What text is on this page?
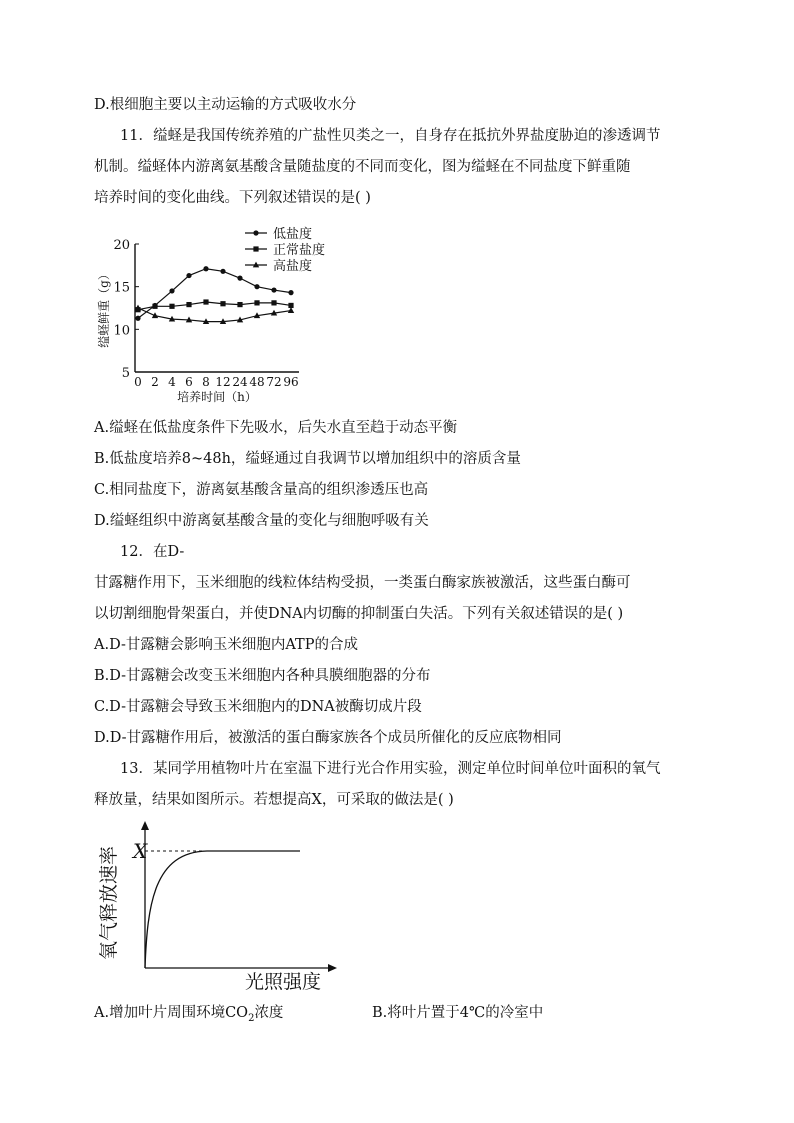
D.根细胞主要以主动运输的方式吸收水分
11．缢蛏是我国传统养殖的广盐性贝类之一，自身存在抵抗外界盐度胁迫的渗透调节
机制。缢蛏体内游离氨基酸含量随盐度的不同而变化，图为缢蛏在不同盐度下鲜重随
培养时间的变化曲线。下列叙述错误的是( )
5
10
15
20
0 2 4 6 8 12 24 48 72 96
低盐度
正常盐度
高盐度
缢蛏鲜重（g）
培养时间（h）
A.缢蛏在低盐度条件下先吸水，后失水直至趋于动态平衡
B.低盐度培养8~48h，缢蛏通过自我调节以增加组织中的溶质含量
C.相同盐度下，游离氨基酸含量高的组织渗透压也高
D.缢蛏组织中游离氨基酸含量的变化与细胞呼吸有关
12．在D-
甘露糖作用下，玉米细胞的线粒体结构受损，一类蛋白酶家族被激活，这些蛋白酶可
以切割细胞骨架蛋白，并使DNA内切酶的抑制蛋白失活。下列有关叙述错误的是( )
A.D-甘露糖会影响玉米细胞内ATP的合成
B.D-甘露糖会改变玉米细胞内各种具膜细胞器的分布
C.D-甘露糖会导致玉米细胞内的DNA被酶切成片段
D.D-甘露糖作用后，被激活的蛋白酶家族各个成员所催化的反应底物相同
13．某同学用植物叶片在室温下进行光合作用实验，测定单位时间单位叶面积的氧气
释放量，结果如图所示。若想提高X，可采取的做法是( )
X
氧气释放速率
光照强度
A.增加叶片周围环境$CO_2$浓度	B.将叶片置于4℃的冷室中
